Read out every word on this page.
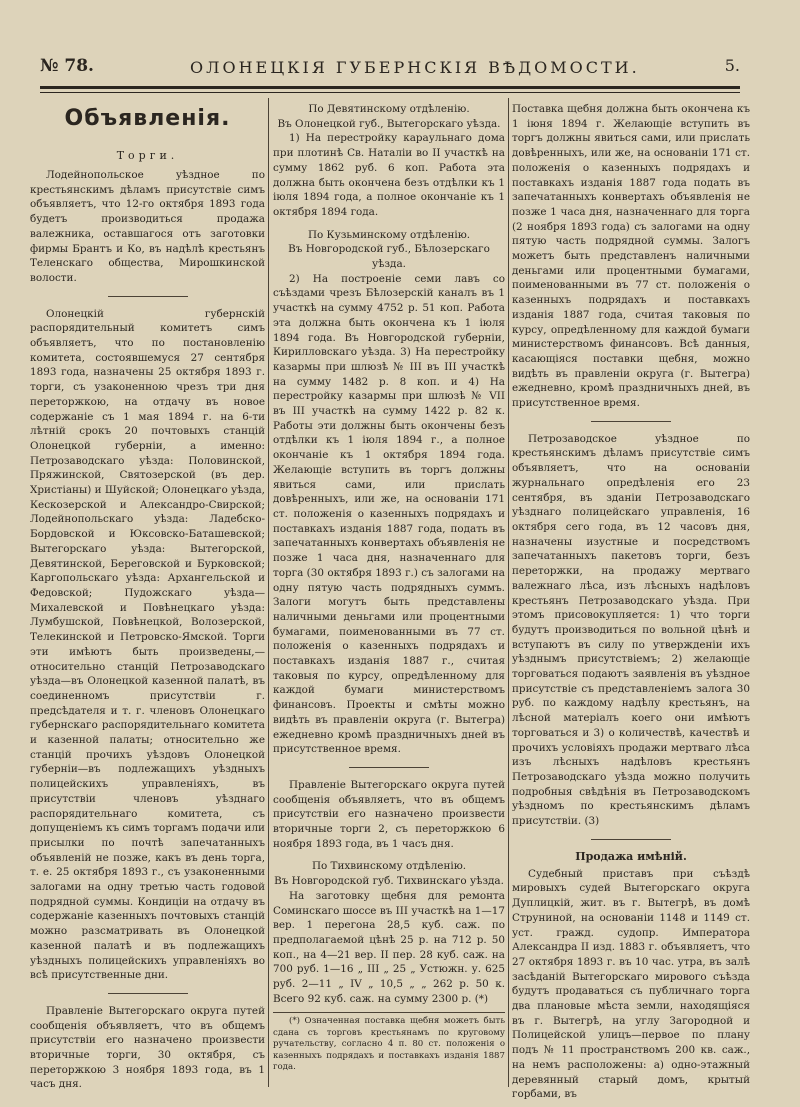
№ 78.	ОЛОНЕЦКІЯ ГУБЕРНСКІЯ ВѢДОМОСТИ.	5.
Объявленія.
Торги.

Лодейнопольское уѣздное по крестьянскимъ дѣламъ присутствіе симъ объявляетъ, что 12-го октября 1893 года будетъ производиться продажа валежника, оставшагося отъ заготовки фирмы Брантъ и Ко, въ надѣлѣ крестьянъ Теленскаго общества, Мирошкинской волости.

Олонецкій губернскій распорядительный комитетъ симъ объявляетъ, что по постановленію комитета, состоявшемуся 27 сентября 1893 года, назначены 25 октября 1893 г. торги, съ узаконенною чрезъ три дня переторжкою, на отдачу въ новое содержаніе съ 1 мая 1894 г. на 6-ти лѣтній срокъ 20 почтовыхъ станцій Олонецкой губерніи, а именно: Петрозаводскаго уѣзда: Половинской, Пряжинской, Святозерской (въ дер. Христіаны) и Шуйской; Олонецкаго уѣзда, Кескозерской и Александро-Свирской; Лодейнопольскаго уѣзда: Ладебско-Бордовской и Юксовско-Баташевской; Вытегорскаго уѣзда: Вытегорской, Девятинской, Береговской и Бурковской; Каргопольскаго уѣзда: Архангельской и Федовской; Пудожскаго уѣзда—Михалевской и Повѣнецкаго уѣзда: Лумбушской, Повѣнецкой, Волозерской, Телекинской и Петровско-Ямской. Торги эти имѣютъ быть произведены,—относительно станцій Петрозаводскаго уѣзда—въ Олонецкой казенной палатѣ, въ соединенномъ присутствіи г. предсѣдателя и т. г. членовъ Олонецкаго губернскаго распорядительнаго комитета и казенной палаты; относительно же станцій прочихъ уѣздовъ Олонецкой губерніи—въ подлежащихъ уѣздныхъ полицейскихъ управленіяхъ, въ присутствіи членовъ уѣзднаго распорядительнаго комитета, съ допущеніемъ къ симъ торгамъ подачи или присылки по почтѣ запечатанныхъ объявленій не позже, какъ въ день торга, т. е. 25 октября 1893 г., съ узаконенными залогами на одну третью часть годовой подрядной суммы. Кондиціи на отдачу въ содержаніе казенныхъ почтовыхъ станцій можно разсматривать въ Олонецкой казенной палатѣ и въ подлежащихъ уѣздныхъ полицейскихъ управленіяхъ во всѣ присутственные дни.

Правленіе Вытегорскаго округа путей сообщенія объявляетъ, что въ общемъ присутствіи его назначено произвести вторичные торги, 30 октября, съ переторжкою 3 ноября 1893 года, въ 1 часъ дня.

По Девятинскому отдѣленію.
Въ Олонецкой губ., Вытегорскаго уѣзда.

1) На перестройку караульнаго дома при плотинѣ Св. Наталіи во II участкѣ на сумму 1862 руб. 6 коп. Работа эта должна быть окончена безъ отдѣлки къ 1 іюля 1894 года, а полное окончаніе къ 1 октября 1894 года.

По Кузьминскому отдѣленію.
Въ Новгородской губ., Бѣлозерскаго уѣзда.

2) На построеніе семи лавъ со съѣздами чрезъ Бѣлозерскій каналъ въ 1 участкѣ на сумму 4752 р. 51 коп. Работа эта должна быть окончена къ 1 іюля 1894 года. Въ Новгородской губерніи, Кирилловскаго уѣзда. 3) На перестройку казармы при шлюзѣ № III въ III участкѣ на сумму 1482 р. 8 коп. и 4) На перестройку казармы при шлюзѣ № VII въ III участкѣ на сумму 1422 р. 82 к. Работы эти должны быть окончены безъ отдѣлки къ 1 іюля 1894 г., а полное окончаніе къ 1 октября 1894 года. Желающіе вступить въ торгъ должны явиться сами, или прислать довѣренныхъ, или же, на основаніи 171 ст. положенія о казенныхъ подрядахъ и поставкахъ изданія 1887 года, подать въ запечатанныхъ конвертахъ объявленія не позже 1 часа дня, назначеннаго для торга (30 октября 1893 г.) съ залогами на одну пятую часть подрядныхъ суммъ. Залоги могутъ быть представлены наличными деньгами или процентными бумагами, поименованными въ 77 ст. положенія о казенныхъ подрядахъ и поставкахъ изданія 1887 г., считая таковыя по курсу, опредѣленному для каждой бумаги министерствомъ финансовъ. Проекты и смѣты можно видѣть въ правленіи округа (г. Вытегра) ежедневно кромѣ праздничныхъ дней въ присутственное время.

Правленіе Вытегорскаго округа путей сообщенія объявляетъ, что въ общемъ присутствіи его назначено произвести вторичные торги 2, съ переторжкою 6 ноября 1893 года, въ 1 часъ дня.

По Тихвинскому отдѣленію.
Въ Новгородской губ. Тихвинскаго уѣзда.

На заготовку щебня для ремонта Соминскаго шоссе въ III участкѣ на 1—17 вер. 1 перегона 28,5 куб. саж. по предполагаемой цѣнѣ 25 р. на 712 р. 50 коп., на 4—21 вер. II пер. 28 куб. саж. на 700 руб. 1—16 „ III „ 25 „ Устюжн. у. 625 руб. 2—11 „ IV „ 10,5 „ „ 262 р. 50 к. Всего 92 куб. саж. на сумму 2300 р. (*)

(*) Означенная поставка щебня можетъ быть сдана съ торговъ крестьянамъ по круговому ручательству, согласно 4 п. 80 ст. положенія о казенныхъ подрядахъ и поставкахъ изданія 1887 года.

Поставка щебня должна быть окончена къ 1 іюня 1894 г. Желающіе вступить въ торгъ должны явиться сами, или прислать довѣренныхъ, или же, на основаніи 171 ст. положенія о казенныхъ подрядахъ и поставкахъ изданія 1887 года подать въ запечатанныхъ конвертахъ объявленія не позже 1 часа дня, назначеннаго для торга (2 ноября 1893 года) съ залогами на одну пятую часть подрядной суммы. Залогъ можетъ быть представленъ наличными деньгами или процентными бумагами, поименованными въ 77 ст. положенія о казенныхъ подрядахъ и поставкахъ изданія 1887 года, считая таковыя по курсу, опредѣленному для каждой бумаги министерствомъ финансовъ. Всѣ данныя, касающіяся поставки щебня, можно видѣть въ правленіи округа (г. Вытегра) ежедневно, кромѣ праздничныхъ дней, въ присутственное время.

Петрозаводское уѣздное по крестьянскимъ дѣламъ присутствіе симъ объявляетъ, что на основаніи журнальнаго опредѣленія его 23 сентября, въ зданіи Петрозаводскаго уѣзднаго полицейскаго управленія, 16 октября сего года, въ 12 часовъ дня, назначены изустные и посредствомъ запечатанныхъ пакетовъ торги, безъ переторжки, на продажу мертваго валежнаго лѣса, изъ лѣсныхъ надѣловъ крестьянъ Петрозаводскаго уѣзда. При этомъ присовокупляется: 1) что торги будутъ производиться по вольной цѣнѣ и вступаютъ въ силу по утвержденіи ихъ уѣзднымъ присутствіемъ; 2) желающіе торговаться подаютъ заявленія въ уѣздное присутствіе съ представленіемъ залога 30 руб. по каждому надѣлу крестьянъ, на лѣсной матеріалъ коего они имѣютъ торговаться и 3) о количествѣ, качествѣ и прочихъ условіяхъ продажи мертваго лѣса изъ лѣсныхъ надѣловъ крестьянъ Петрозаводскаго уѣзда можно получить подробныя свѣдѣнія въ Петрозаводскомъ уѣздномъ по крестьянскимъ дѣламъ присутствіи. (3)

Продажа имѣній.

Судебный приставъ при съѣздѣ мировыхъ судей Вытегорскаго округа Дуплицкій, жит. въ г. Вытегрѣ, въ домѣ Струниной, на основаніи 1148 и 1149 ст. уст. гражд. судопр. Императора Александра II изд. 1883 г. объявляетъ, что 27 октября 1893 г. въ 10 час. утра, въ залѣ засѣданій Вытегорскаго мирового съѣзда будутъ продаваться съ публичнаго торга два плановые мѣста земли, находящіяся въ г. Вытегрѣ, на углу Загородной и Полицейской улицъ—первое по плану подъ № 11 пространствомъ 200 кв. саж., на немъ расположены: а) одно-этажный деревянный старый домъ, крытый горбами, въ
